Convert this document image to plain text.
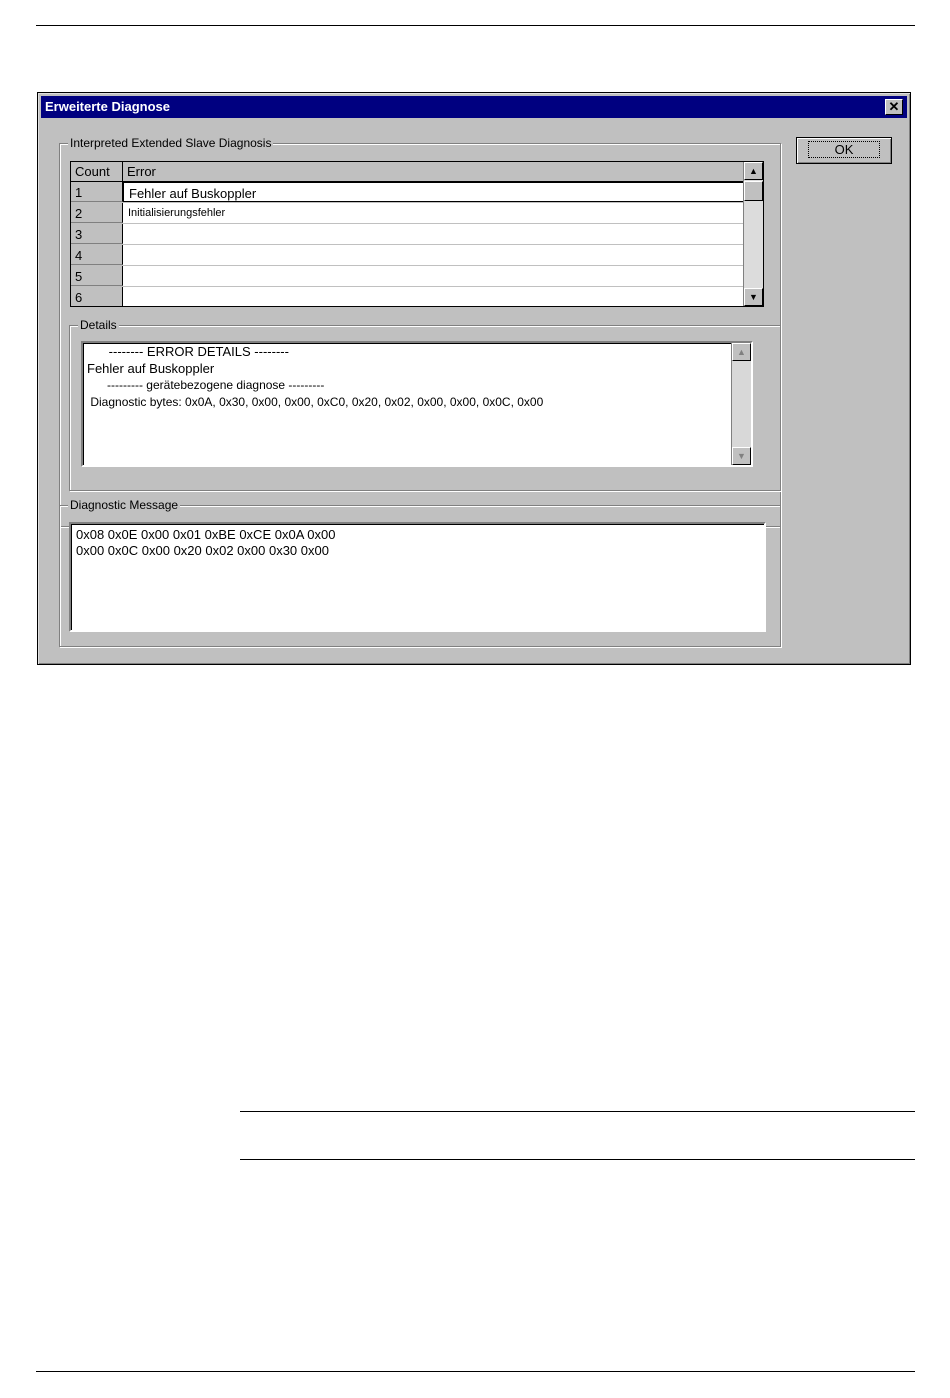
Erweiterte Diagnose	✕
Interpreted Extended Slave Diagnosis
Count	Error
1	Fehler auf Buskoppler
2	Initialisierungsfehler
3
4
5
6
▲
▼
Details
-------- ERROR DETAILS --------
Fehler auf Buskoppler
--------- gerätebezogene diagnose ---------
Diagnostic bytes: 0x0A, 0x30, 0x00, 0x00, 0xC0, 0x20, 0x02, 0x00, 0x00, 0x0C, 0x00
▲
▼
Diagnostic Message
0x08 0x0E 0x00 0x01 0xBE 0xCE 0x0A 0x00
0x00 0x0C 0x00 0x20 0x02 0x00 0x30 0x00
OK
